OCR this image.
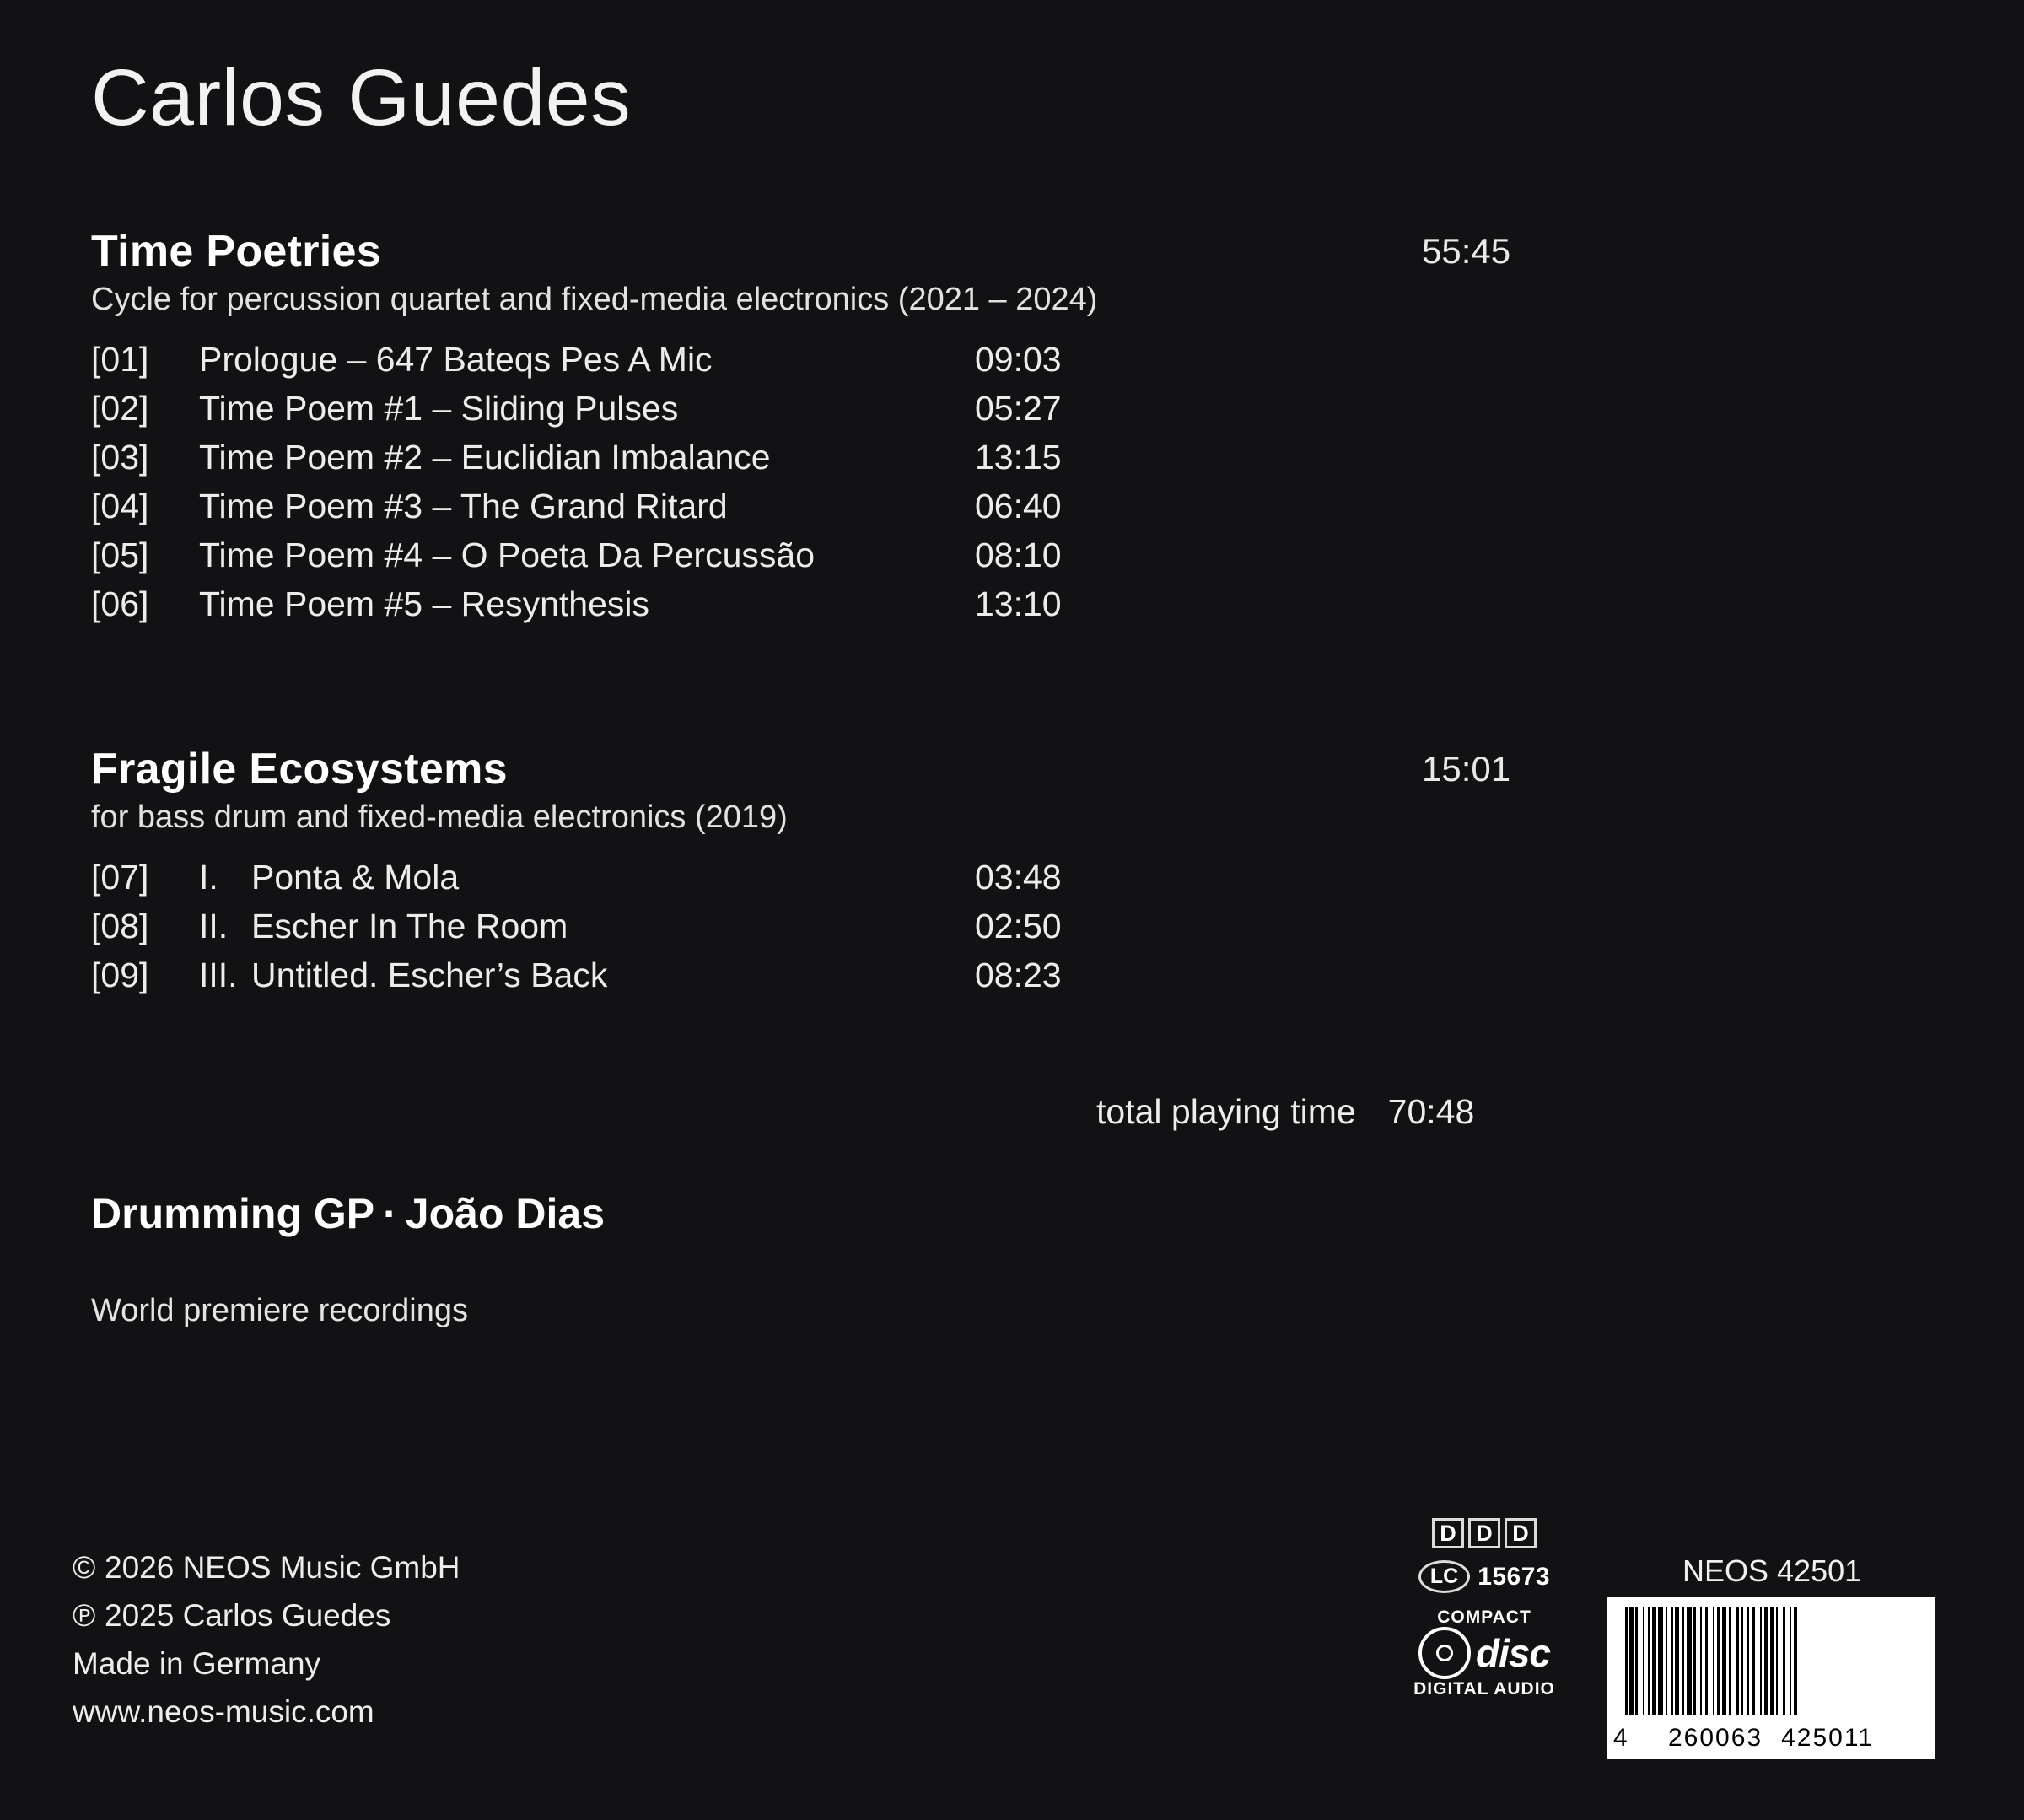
Carlos Guedes
Time Poetries	55:45
Cycle for percussion quartet and fixed-media electronics (2021 – 2024)
[01]	Prologue – 647 Bateqs Pes A Mic	09:03
[02]	Time Poem #1 – Sliding Pulses	05:27
[03]	Time Poem #2 – Euclidian Imbalance	13:15
[04]	Time Poem #3 – The Grand Ritard	06:40
[05]	Time Poem #4 – O Poeta Da Percussão	08:10
[06]	Time Poem #5 – Resynthesis	13:10
Fragile Ecosystems	15:01
for bass drum and fixed-media electronics (2019)
[07]	I. Ponta & Mola	03:48
[08]	II. Escher In The Room	02:50
[09]	III. Untitled. Escher’s Back	08:23
total playing time 70:48
Drumming GP · João Dias
World premiere recordings
© 2026 NEOS Music GmbH
℗ 2025 Carlos Guedes
Made in Germany
www.neos-music.com
D D D
LC 15673
COMPACT
disc
DIGITAL AUDIO
NEOS 42501
4 260063 425011
